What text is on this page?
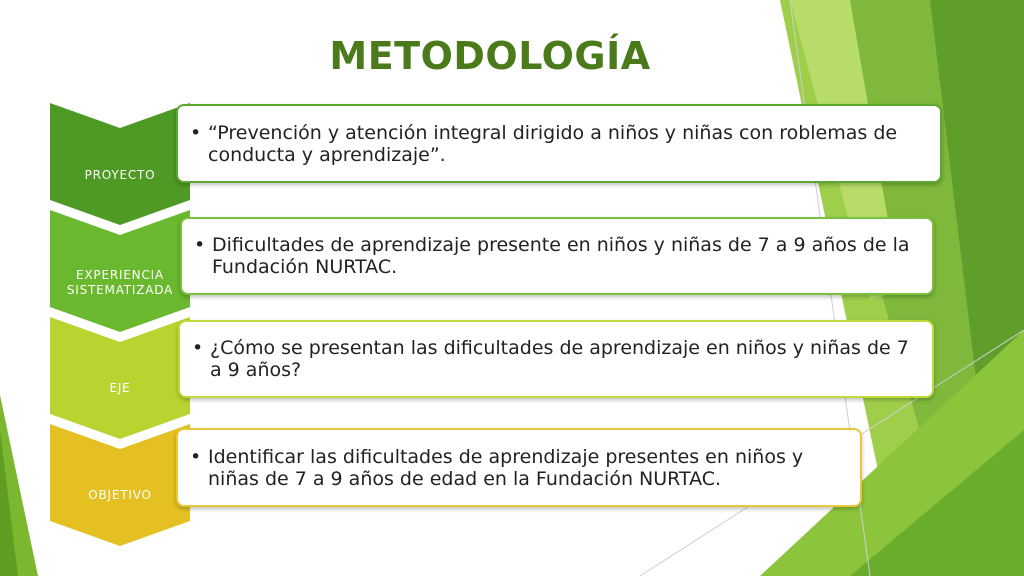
METODOLOGÍA
PROYECTO
• “Prevención y atención integral dirigido a niños y niñas con roblemas de conducta y aprendizaje”.
EXPERIENCIA SISTEMATIZADA
• Dificultades de aprendizaje presente en niños y niñas de 7 a 9 años de la Fundación NURTAC.
EJE
• ¿Cómo se presentan las dificultades de aprendizaje en niños y niñas de 7 a 9 años?
OBJETIVO
• Identificar las dificultades de aprendizaje presentes en niños y niñas de 7 a 9 años de edad en la Fundación NURTAC.
